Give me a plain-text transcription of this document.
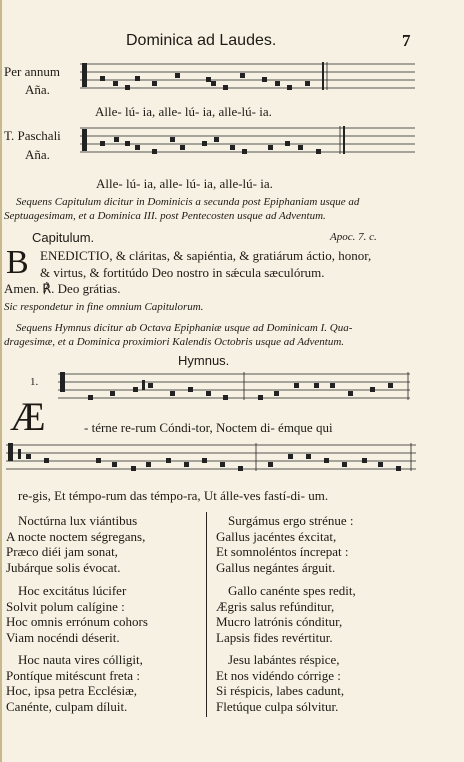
Dominica ad Laudes.	7
Per annum
Aña.
Alle- lú- ia, alle- lú- ia, alle-lú- ia.
T. Paschali
Aña.
Alle- lú- ia, alle- lú- ia, alle-lú- ia.
Sequens Capitulum dicitur in Dominicis a secunda post Epiphaniam usque ad
Septuagesimam, et a Dominica III. post Pentecosten usque ad Adventum.
Capitulum.	Apoc. 7. c.
B ENEDICTIO, & cláritas, & sapiéntia, & gratiárum áctio, honor,
& virtus, & fortitúdo Deo nostro in sǽcula sæculórum.
Amen. ℟. Deo grátias.
Sic respondetur in fine omnium Capitulorum.
Sequens Hymnus dicitur ab Octava Epiphaniæ usque ad Dominicam I. Qua-
dragesimæ, et a Dominica proximiori Kalendis Octobris usque ad Adventum.
Hymnus.
1.
Æ	- térne re-rum Cóndi-tor, Noctem di- émque qui
re-gis, Et témpo-rum das témpo-ra, Ut álle-ves fastí-di- um.
Noctúrna lux viántibus
A nocte noctem ségregans,
Præco diéi jam sonat,
Jubárque solis évocat.
Hoc excitátus lúcifer
Solvit polum calígine :
Hoc omnis errónum cohors
Viam nocéndi déserit.
Hoc nauta vires cólligit,
Pontíque mitéscunt freta :
Hoc, ipsa petra Ecclésiæ,
Canénte, culpam díluit.
Surgámus ergo strénue :
Gallus jacéntes éxcitat,
Et somnoléntos íncrepat :
Gallus negántes árguit.
Gallo canénte spes redit,
Ægris salus refúnditur,
Mucro latrónis cónditur,
Lapsis fides revértitur.
Jesu labántes réspice,
Et nos vidéndo córrige :
Si réspicis, labes cadunt,
Fletúque culpa sólvitur.
